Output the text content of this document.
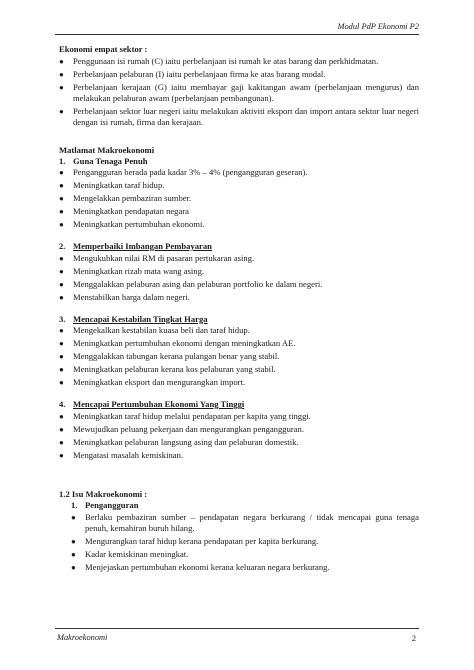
Modul PdP Ekonomi P2
Ekonomi empat sektor :
●	Penggunaan isi rumah (C) iaitu perbelanjaan isi rumah ke atas barang dan perkhidmatan.
●	Perbelanjaan pelaburan (I) iaitu perbelanjaan firma ke atas barang modal.
●	Perbelanjaan kerajaan (G) iaitu membayar gaji kakitangan awam (perbelanjaan mengurus) dan melakukan pelaburan awam (perbelanjaan pembangunan).
●	Perbelanjaan sektor luar negeri iaitu melakukan aktiviti eksport dan import antara sektor luar negeri dengan isi rumah, firma dan kerajaan.
Matlamat Makroekonomi
1. Guna Tenaga Penuh
●	Pengangguran berada pada kadar 3% – 4% (pengangguran geseran).
●	Meningkatkan taraf hidup.
●	Mengelakkan pembaziran sumber.
●	Meningkatkan pendapatan negara
●	Meningkatkan pertumbuhan ekonomi.
2. Memperbaiki Imbangan Pembayaran
●	Mengukuhkan nilai RM di pasaran pertukaran asing.
●	Meningkatkan rizab mata wang asing.
●	Menggalakkan pelaburan asing dan pelaburan portfolio ke dalam negeri.
●	Menstabilkan harga dalam negeri.
3. Mencapai Kestabilan Tingkat Harga
●	Mengekalkan kestabilan kuasa beli dan taraf hidup.
●	Meningkatkan pertumbuhan ekonomi dengan meningkatkan AE.
●	Menggalakkan tabungan kerana pulangan benar yang stabil.
●	Meningkatkan pelaburan kerana kos pelaburan yang stabil.
●	Meningkatkan eksport dan mengurangkan import.
4. Mencapai Pertumbuhan Ekonomi Yang Tinggi
●	Meningkatkan taraf hidup melalui pendapatan per kapita yang tinggi.
●	Mewujudkan peluang pekerjaan dan mengurangkan pengangguran.
●	Meningkatkan pelaburan langsung asing dan pelaburan domestik.
●	Mengatasi masalah kemiskinan.
1.2 Isu Makroekonomi :
1. Pengangguran
●	Berlaku pembaziran sumber – pendapatan negara berkurang / tidak mencapai guna tenaga penuh, kemahiran buruh hilang.
●	Mengurangkan taraf hidup kerana pendapatan per kapita berkurang.
●	Kadar kemiskinan meningkat.
●	Menjejaskan pertumbuhan ekonomi kerana keluaran negara berkurang.
Makroekonomi	2
